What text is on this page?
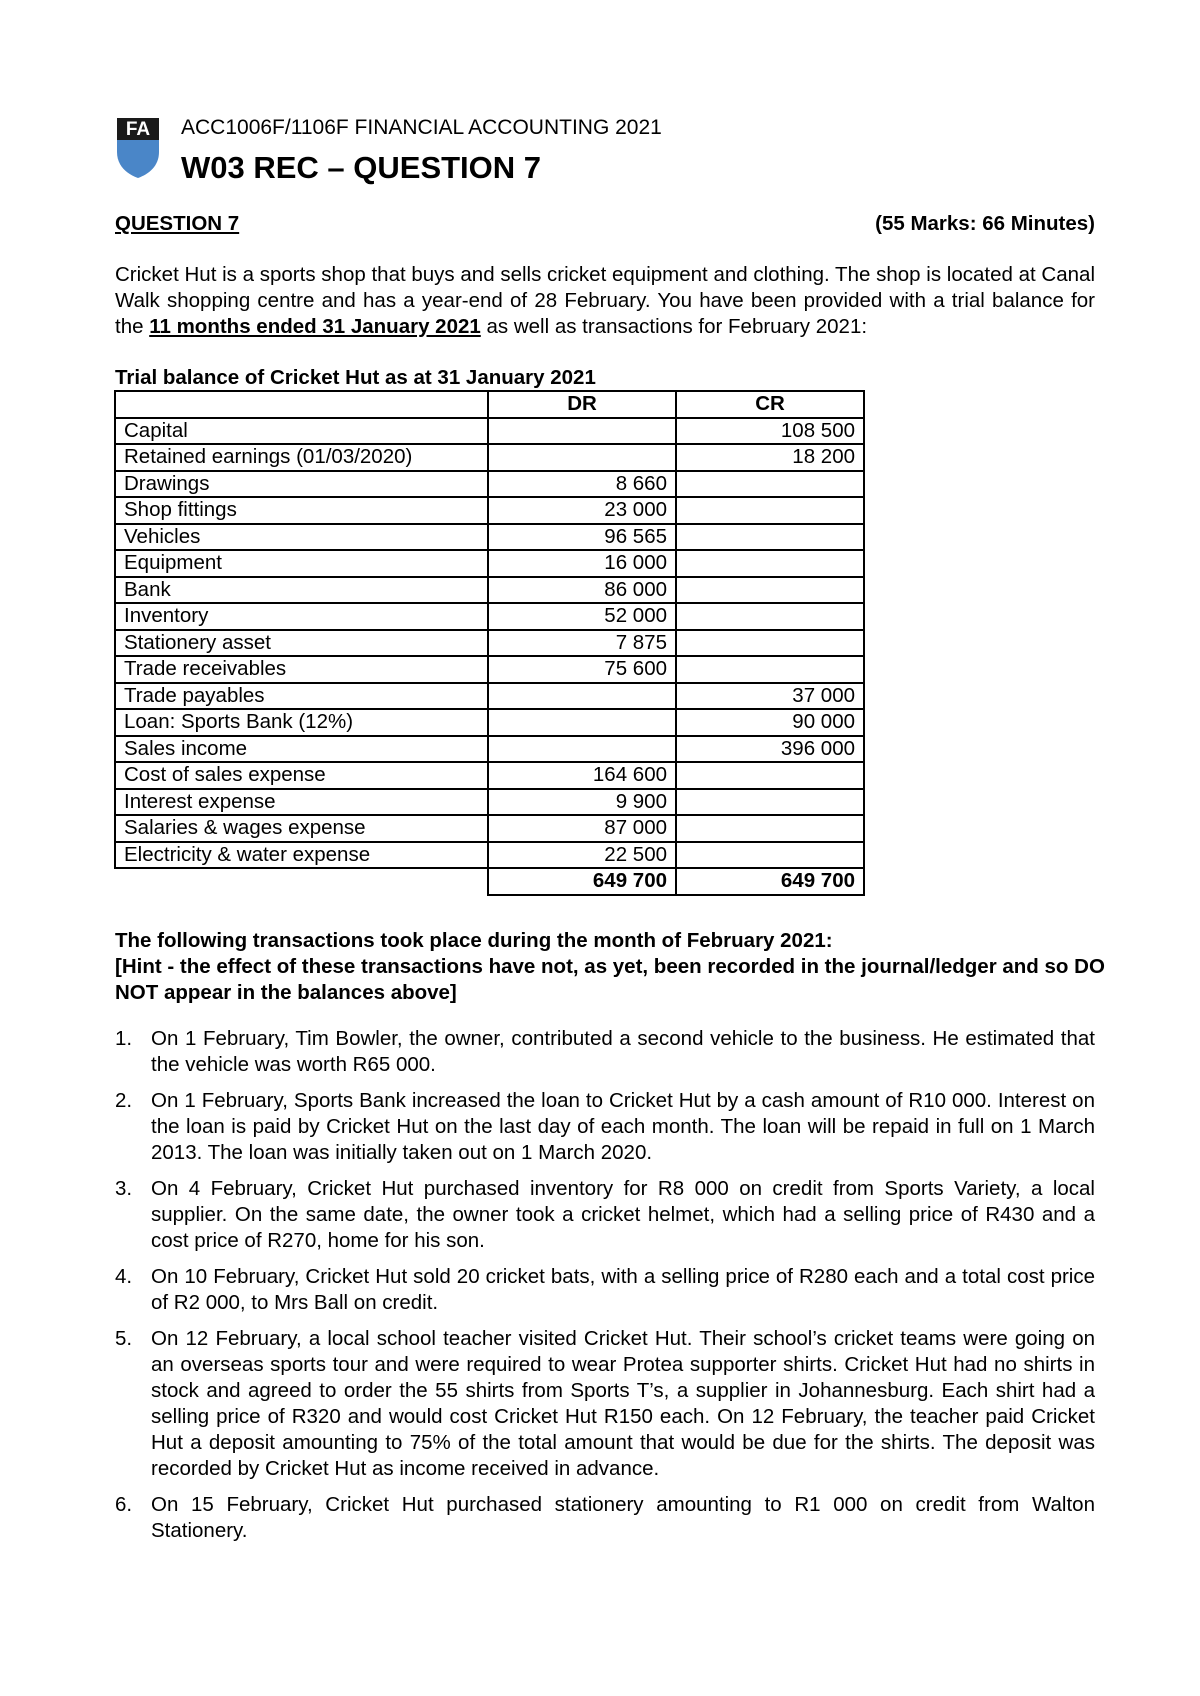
FA ACC1006F/1106F FINANCIAL ACCOUNTING 2021
W03 REC – QUESTION 7
QUESTION 7	(55 Marks: 66 Minutes)
Cricket Hut is a sports shop that buys and sells cricket equipment and clothing. The shop is located at Canal Walk shopping centre and has a year-end of 28 February. You have been provided with a trial balance for the 11 months ended 31 January 2021 as well as transactions for February 2021:
Trial balance of Cricket Hut as at 31 January 2021
	DR	CR
Capital		108 500
Retained earnings (01/03/2020)		18 200
Drawings	8 660	
Shop fittings	23 000	
Vehicles	96 565	
Equipment	16 000	
Bank	86 000	
Inventory	52 000	
Stationery asset	7 875	
Trade receivables	75 600	
Trade payables		37 000
Loan: Sports Bank (12%)		90 000
Sales income		396 000
Cost of sales expense	164 600	
Interest expense	9 900	
Salaries & wages expense	87 000	
Electricity & water expense	22 500	
	649 700	649 700
The following transactions took place during the month of February 2021:
[Hint - the effect of these transactions have not, as yet, been recorded in the journal/ledger and so DO NOT appear in the balances above]
1. On 1 February, Tim Bowler, the owner, contributed a second vehicle to the business. He estimated that the vehicle was worth R65 000.
2. On 1 February, Sports Bank increased the loan to Cricket Hut by a cash amount of R10 000. Interest on the loan is paid by Cricket Hut on the last day of each month. The loan will be repaid in full on 1 March 2013. The loan was initially taken out on 1 March 2020.
3. On 4 February, Cricket Hut purchased inventory for R8 000 on credit from Sports Variety, a local supplier. On the same date, the owner took a cricket helmet, which had a selling price of R430 and a cost price of R270, home for his son.
4. On 10 February, Cricket Hut sold 20 cricket bats, with a selling price of R280 each and a total cost price of R2 000, to Mrs Ball on credit.
5. On 12 February, a local school teacher visited Cricket Hut. Their school’s cricket teams were going on an overseas sports tour and were required to wear Protea supporter shirts. Cricket Hut had no shirts in stock and agreed to order the 55 shirts from Sports T’s, a supplier in Johannesburg. Each shirt had a selling price of R320 and would cost Cricket Hut R150 each. On 12 February, the teacher paid Cricket Hut a deposit amounting to 75% of the total amount that would be due for the shirts. The deposit was recorded by Cricket Hut as income received in advance.
6. On 15 February, Cricket Hut purchased stationery amounting to R1 000 on credit from Walton Stationery.
